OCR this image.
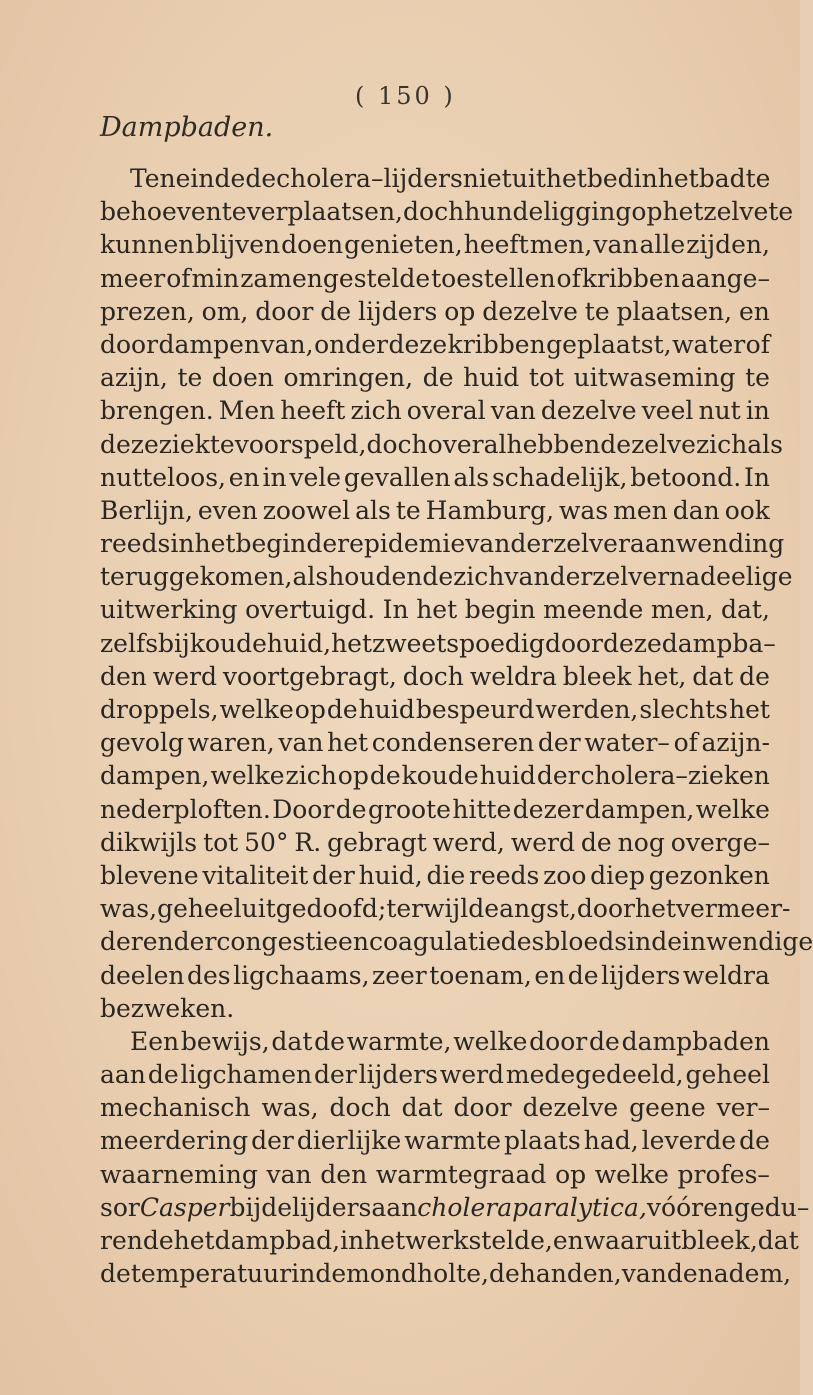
( 150 )
Dampbaden.
Ten einde de cholera–lijders niet uit het bed in het bad te
behoeven te verplaatsen, doch hun de ligging op hetzelve te
kunnen blijven doen genieten, heeft men, van alle zijden,
meer of min zamengestelde toestellen of kribben aange–
prezen, om, door de lijders op dezelve te plaatsen, en
door dampen van, onder deze kribben geplaatst, water of
azijn, te doen omringen, de huid tot uitwaseming te
brengen. Men heeft zich overal van dezelve veel nut in
deze ziekte voorspeld, doch overal hebben dezelve zich als
nutteloos, en in vele gevallen als schadelijk, betoond. In
Berlijn, even zoowel als te Hamburg, was men dan ook
reeds in het begin der epidemie van derzelver aanwending
teruggekomen, als houdende zich van derzelver nadeelige
uitwerking overtuigd. In het begin meende men, dat,
zelfs bij koude huid, het zweet spoedig door deze dampba–
den werd voortgebragt, doch weldra bleek het, dat de
droppels, welke op de huid bespeurd werden, slechts het
gevolg waren, van het condenseren der water– of azijn-
dampen, welke zich op de koude huid der cholera–zieken
nederploften. Door de groote hitte dezer dampen, welke
dikwijls tot 50° R. gebragt werd, werd de nog overge–
blevene vitaliteit der huid, die reeds zoo diep gezonken
was, geheel uitgedoofd; terwijl de angst, door het vermeer-
deren der congestie en coagulatie des bloeds in de inwendige
deelen des ligchaams, zeer toenam, en de lijders weldra
bezweken.
Een bewijs, dat de warmte, welke door de dampbaden
aan de ligchamen der lijders werd medegedeeld, geheel
mechanisch was, doch dat door dezelve geene ver–
meerdering der dierlijke warmte plaats had, leverde de
waarneming van den warmtegraad op welke profes–
sor Casper bij de lijders aan cholera paralytica, vóór en gedu–
rende het dampbad, in het werk stelde, en waaruit bleek, dat
de temperatuur in de mondholte, de handen, van den adem,
